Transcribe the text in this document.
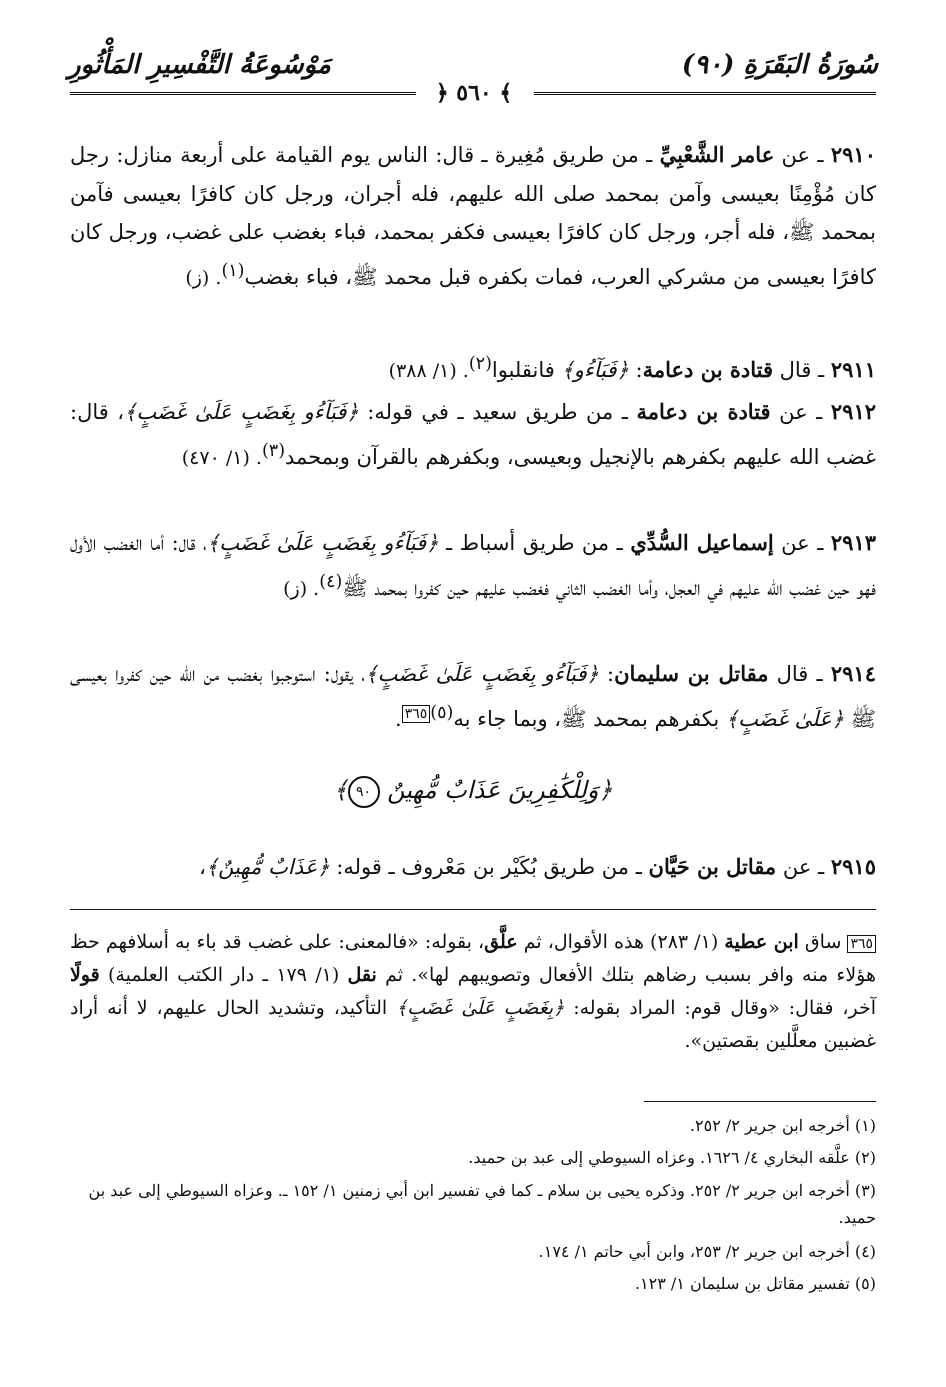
سُورَةُ البَقَرَةِ (٩٠)
مَوْسُوعَةُ التَّفْسِيرِ المَأْثُورِ
﴾ ٥٦٠ ﴿
٢٩١٠ ـ عن عامر الشَّعْبِيِّ ـ من طريق مُغِيرة ـ قال: الناس يوم القيامة على أربعة منازل: رجل كان مُؤْمِنًا بعيسى وآمن بمحمد صلى الله عليهم، فله أجران، ورجل كان كافرًا بعيسى فآمن بمحمد ﷺ، فله أجر، ورجل كان كافرًا بعيسى فكفر بمحمد، فباء بغضب على غضب، ورجل كان كافرًا بعيسى من مشركي العرب، فمات بكفره قبل محمد ﷺ، فباء بغضب$^{(١)}$. (ز)
٢٩١١ ـ قال قتادة بن دعامة: ﴿فَبَآءُو﴾ فانقلبوا$^{(٢)}$. (١/ ٣٨٨)
٢٩١٢ ـ عن قتادة بن دعامة ـ من طريق سعيد ـ في قوله: ﴿فَبَآءُو بِغَضَبٍ عَلَىٰ غَضَبٍ﴾، قال: غضب الله عليهم بكفرهم بالإنجيل وبعيسى، وبكفرهم بالقرآن وبمحمد$^{(٣)}$. (١/ ٤٧٠)
٢٩١٣ ـ عن إسماعيل السُّدِّي ـ من طريق أسباط ـ ﴿فَبَآءُو بِغَضَبٍ عَلَىٰ غَضَبٍ﴾، قال: أما الغضب الأول فهو حين غضب الله عليهم في العجل، وأما الغضب الثاني فغضب عليهم حين كفروا بمحمد ﷺ$^{(٤)}$. (ز)
٢٩١٤ ـ قال مقاتل بن سليمان: ﴿فَبَآءُو بِغَضَبٍ عَلَىٰ غَضَبٍ﴾، يقول: استوجبوا بغضب من الله حين كفروا بعيسى ﷺ ﴿عَلَىٰ غَضَبٍ﴾ بكفرهم بمحمد ﷺ، وبما جاء به$^{(٥)}$٣٦٥.
﴿وَلِلْكَٰفِرِينَ عَذَابٌ مُّهِينٌ ٩٠﴾
٢٩١٥ ـ عن مقاتل بن حَيَّان ـ من طريق بُكَيْر بن مَعْروف ـ قوله: ﴿عَذَابٌ مُّهِينٌ﴾،
٣٦٥ ساق ابن عطية (١/ ٢٨٣) هذه الأقوال، ثم علَّق، بقوله: «فالمعنى: على غضب قد باء به أسلافهم حظ هؤلاء منه وافر بسبب رضاهم بتلك الأفعال وتصويبهم لها». ثم نقل (١/ ١٧٩ ـ دار الكتب العلمية) قولًا آخر، فقال: «وقال قوم: المراد بقوله: ﴿بِغَضَبٍ عَلَىٰ غَضَبٍ﴾ التأكيد، وتشديد الحال عليهم، لا أنه أراد غضبين معلَّلين بقصتين».
(١) أخرجه ابن جرير ٢/ ٢٥٢.
(٢) علَّقه البخاري ٤/ ١٦٢٦. وعزاه السيوطي إلى عبد بن حميد.
(٣) أخرجه ابن جرير ٢/ ٢٥٢. وذكره يحيى بن سلام ـ كما في تفسير ابن أبي زمنين ١/ ١٥٢ ـ. وعزاه السيوطي إلى عبد بن حميد.
(٤) أخرجه ابن جرير ٢/ ٢٥٣، وابن أبي حاتم ١/ ١٧٤.
(٥) تفسير مقاتل بن سليمان ١/ ١٢٣.
